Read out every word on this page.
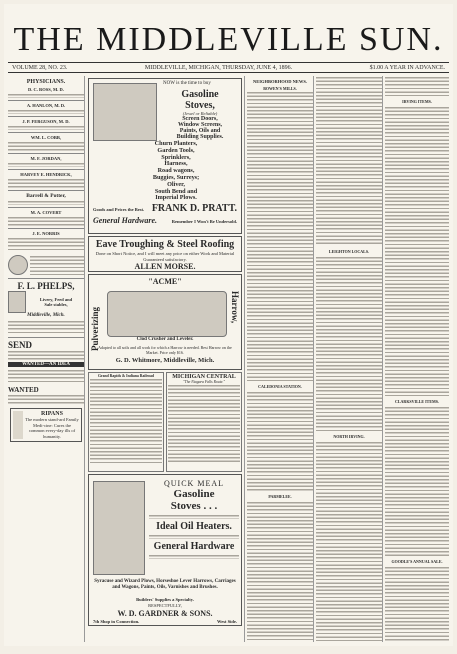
THE MIDDLEVILLE SUN.
VOLUME 28, NO. 23.	MIDDLEVILLE, MICHIGAN, THURSDAY, JUNE 4, 1896.	$1.00 A YEAR IN ADVANCE.
PHYSICIANS.
D. C. ROSS, M. D.
A. HANLON, M. D.
J. P. FERGUSON, M. D.
WM. L. COBB,
M. F. JORDAN,
HARVEY E. HENDRICK,
Barrell & Potter,
M. A. COVERT
J. E. NORRIS
F. L. PHELPS,
Livery, Feed and
Sale stables,
Middleville, Mich.
SEND
WANTED—AN IDEA
WANTED
RIPANS
The modern stand-ard Family Medi-cine: Cures the common every-day ills of humanity.
NOW is the time to buy
Gasoline
Stoves,
(Jewel or Reliable)
Screen Doors,
Window Screens,
Paints, Oils and
Building Supplies.
Churn Planters,
Garden Tools,
Sprinklers,
Harness,
Road wagons,
Buggies, Surreys;
Oliver,
South Bend and
Imperial Plows.
Goods and Prices the Best. FRANK D. PRATT.
General Hardware.	Remember I Won't Be Undersold.
Eave Troughing & Steel Roofing
Done on Short Notice, and I will meet any price on either Work and Material Guaranteed satisfactory.
ALLEN MORSE.
"ACME"
Pulverizing	Harrow,
Clod Crusher and Leveler.
Adapted to all soils and all work for which a Harrow is needed. Best Harrow on the Market. Price only $16.
G. D. Whitmore, Middleville, Mich.
Grand Rapids & Indiana Railroad	MICHIGAN CENTRAL
"The Niagara Falls Route."
QUICK MEAL
Gasoline
Stoves . . .
Ideal Oil Heaters.
General Hardware
Syracuse and Wizard Plows, Horseshoe Lever Harrows, Carriages and Wagons, Paints, Oils, Varnishes and Brushes.
Builders' Supplies a Specialty.
RESPECTFULLY,
W. D. GARDNER & SONS.
7th Shop in Connection.	West Side.
NEIGHBORHOOD NEWS.
BOWEN'S MILLS.
CALEDONIA STATION.
PARMELEE.
LEIGHTON LOCALS.
NORTH IRVING.
IRVING ITEMS.
CLARKSVILLE ITEMS.
GOODLE'S ANNUAL SALE.
